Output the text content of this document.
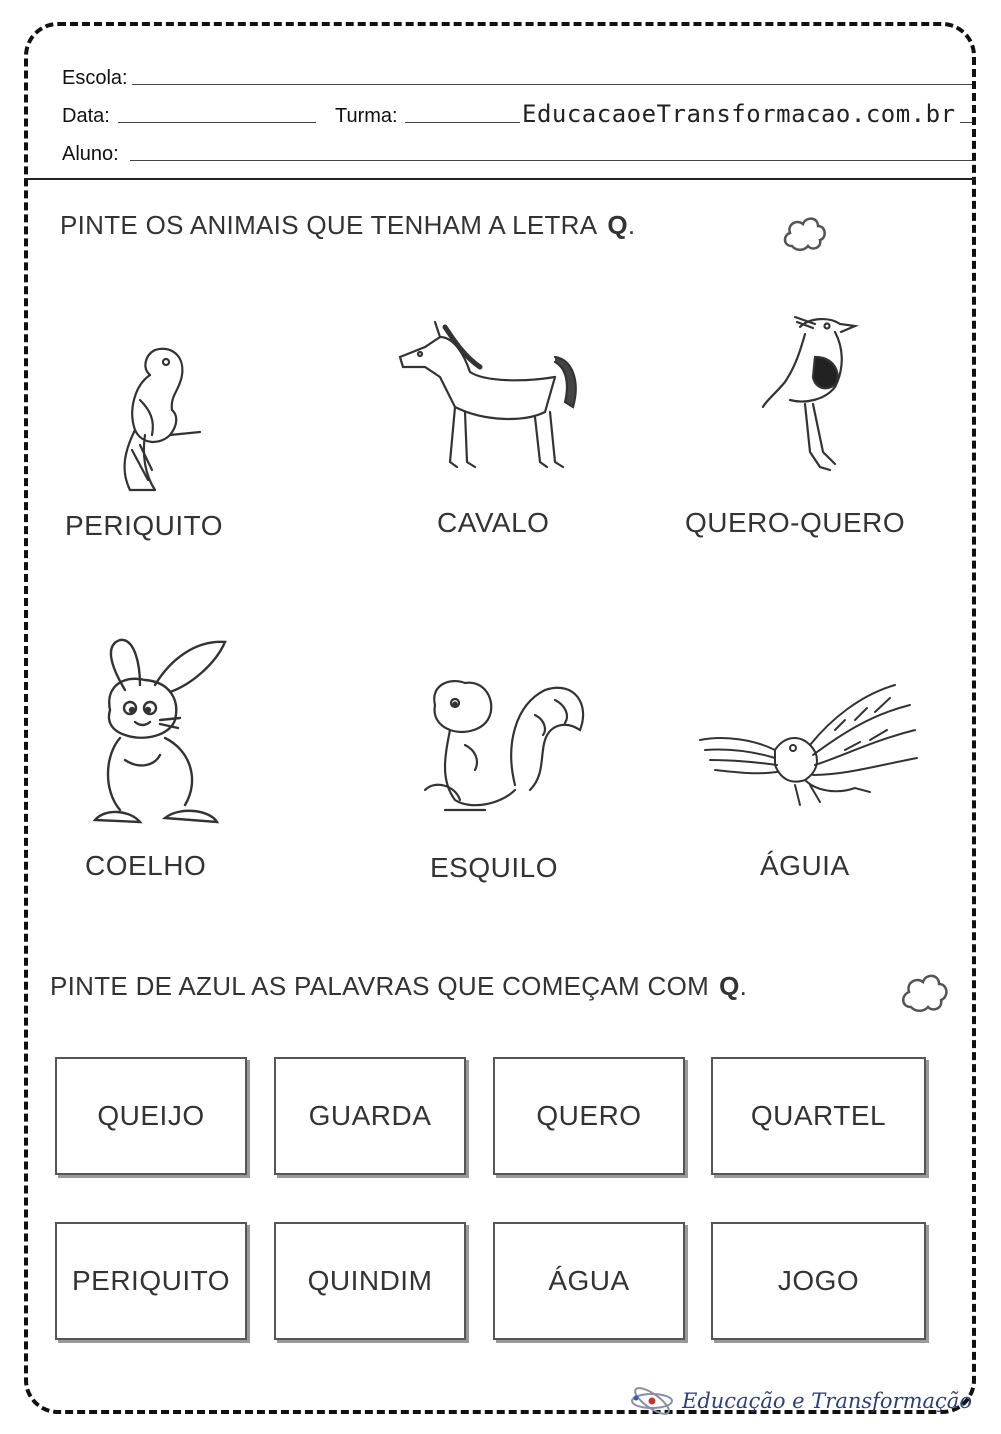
Escola:
Data:	Turma:	EducacaoeTransformacao.com.br
Aluno:
PINTE OS ANIMAIS QUE TENHAM A LETRA Q.
PERIQUITO	CAVALO	QUERO-QUERO
COELHO	ESQUILO	ÁGUIA
PINTE DE AZUL AS PALAVRAS QUE COMEÇAM COM Q.
QUEIJO	GUARDA	QUERO	QUARTEL
PERIQUITO	QUINDIM	ÁGUA	JOGO
Educação e Transformação
